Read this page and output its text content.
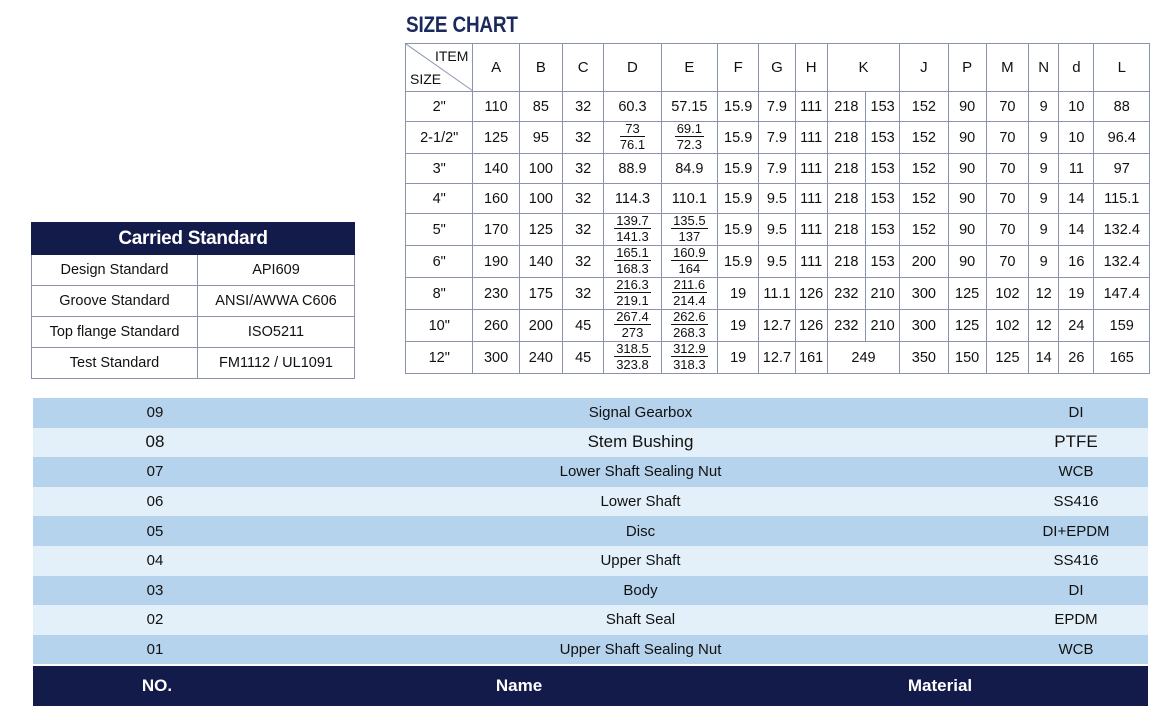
SIZE CHART
ITEM
SIZE	A	B	C	D	E	F	G	H	K		J	P	M	N	d	L
2"	110	85	32	60.3	57.15	15.9	7.9	111	218	153	152	90	70	9	10	88
2-1/2"	125	95	32	$\frac{73}{76.1}$	$\frac{69.1}{72.3}$	15.9	7.9	111	218	153	152	90	70	9	10	96.4
3"	140	100	32	88.9	84.9	15.9	7.9	111	218	153	152	90	70	9	11	97
4"	160	100	32	114.3	110.1	15.9	9.5	111	218	153	152	90	70	9	14	115.1
5"	170	125	32	$\frac{139.7}{141.3}$	$\frac{135.5}{137}$	15.9	9.5	111	218	153	152	90	70	9	14	132.4
6"	190	140	32	$\frac{165.1}{168.3}$	$\frac{160.9}{164}$	15.9	9.5	111	218	153	200	90	70	9	16	132.4
8"	230	175	32	$\frac{216.3}{219.1}$	$\frac{211.6}{214.4}$	19	11.1	126	232	210	300	125	102	12	19	147.4
10"	260	200	45	$\frac{267.4}{273}$	$\frac{262.6}{268.3}$	19	12.7	126	232	210	300	125	102	12	24	159
12"	300	240	45	$\frac{318.5}{323.8}$	$\frac{312.9}{318.3}$	19	12.7	161	249		350	150	125	14	26	165
Carried Standard	
Design Standard	API609
Groove Standard	ANSI/AWWA C606
Top flange Standard	ISO5211
Test Standard	FM1112 / UL1091
09	Signal Gearbox	DI
08	Stem Bushing	PTFE
07	Lower Shaft Sealing Nut	WCB
06	Lower Shaft	SS416
05	Disc	DI+EPDM
04	Upper Shaft	SS416
03	Body	DI
02	Shaft Seal	EPDM
01	Upper Shaft Sealing Nut	WCB
NO.	Name	Material
